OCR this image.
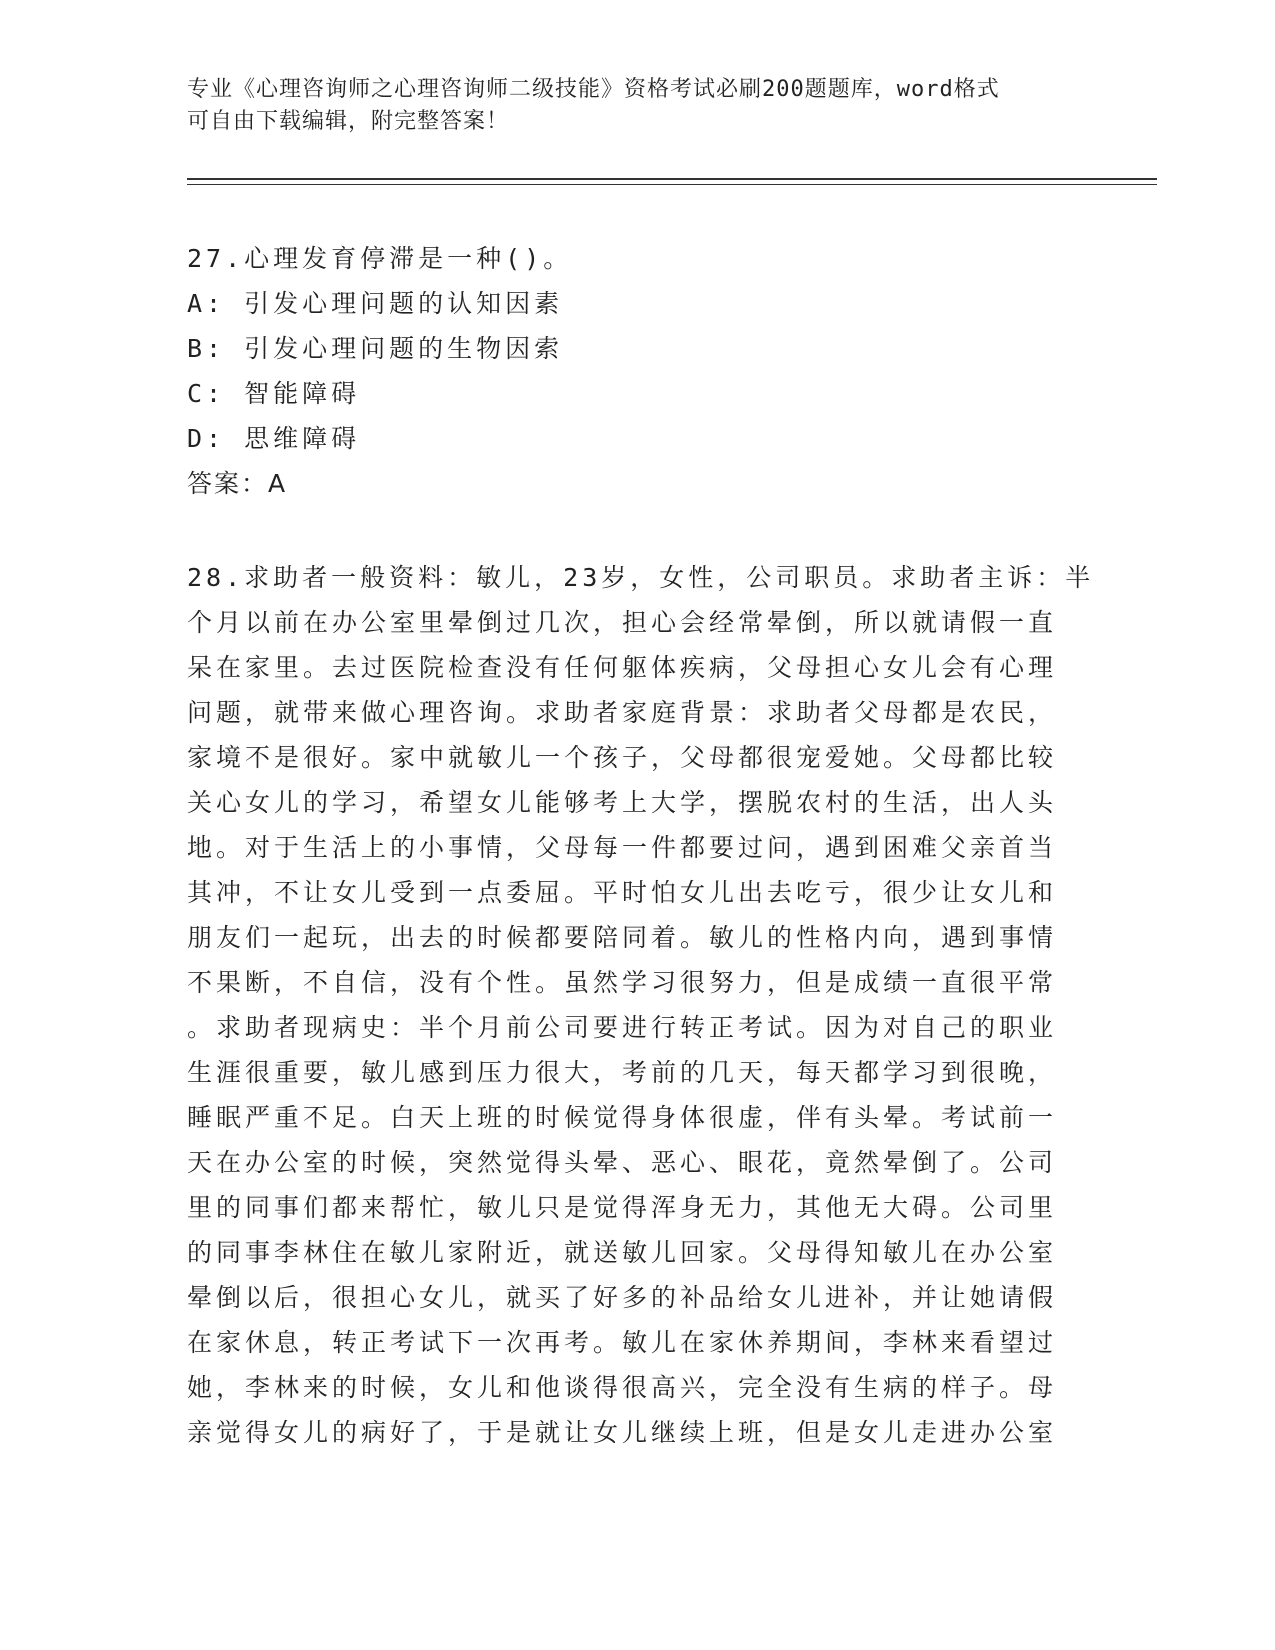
专业《心理咨询师之心理咨询师二级技能》资格考试必刷200题题库，word格式
可自由下载编辑，附完整答案！
27.心理发育停滞是一种()。
A: 引发心理问题的认知因素
B: 引发心理问题的生物因索
C: 智能障碍
D: 思维障碍
答案：A
28.求助者一般资料：敏儿，23岁，女性，公司职员。求助者主诉：半
个月以前在办公室里晕倒过几次，担心会经常晕倒，所以就请假一直
呆在家里。去过医院检查没有任何躯体疾病，父母担心女儿会有心理
问题，就带来做心理咨询。求助者家庭背景：求助者父母都是农民，
家境不是很好。家中就敏儿一个孩子，父母都很宠爱她。父母都比较
关心女儿的学习，希望女儿能够考上大学，摆脱农村的生活，出人头
地。对于生活上的小事情，父母每一件都要过问，遇到困难父亲首当
其冲，不让女儿受到一点委屈。平时怕女儿出去吃亏，很少让女儿和
朋友们一起玩，出去的时候都要陪同着。敏儿的性格内向，遇到事情
不果断，不自信，没有个性。虽然学习很努力，但是成绩一直很平常
。求助者现病史：半个月前公司要进行转正考试。因为对自己的职业
生涯很重要，敏儿感到压力很大，考前的几天，每天都学习到很晚，
睡眠严重不足。白天上班的时候觉得身体很虚，伴有头晕。考试前一
天在办公室的时候，突然觉得头晕、恶心、眼花，竟然晕倒了。公司
里的同事们都来帮忙，敏儿只是觉得浑身无力，其他无大碍。公司里
的同事李林住在敏儿家附近，就送敏儿回家。父母得知敏儿在办公室
晕倒以后，很担心女儿，就买了好多的补品给女儿进补，并让她请假
在家休息，转正考试下一次再考。敏儿在家休养期间，李林来看望过
她，李林来的时候，女儿和他谈得很高兴，完全没有生病的样子。母
亲觉得女儿的病好了，于是就让女儿继续上班，但是女儿走进办公室
